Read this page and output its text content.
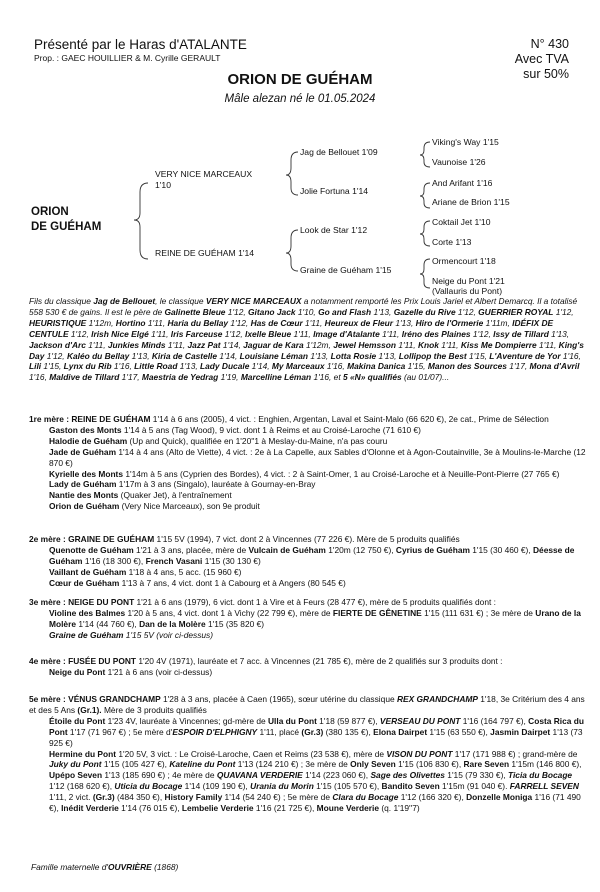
Présenté par le Haras d'ATALANTE
Prop. : GAEC HOUILLIER & M. Cyrille GERAULT
N° 430
Avec TVA
sur 50%
ORION DE GUÉHAM
Mâle alezan né le 01.05.2024
ORION
DE GUÉHAM
VERY NICE MARCEAUX
1'10
REINE DE GUÉHAM 1'14
Jag de Bellouet 1'09
Jolie Fortuna 1'14
Look de Star 1'12
Graine de Guéham 1'15
Viking's Way 1'15
Vaunoise 1'26
And Arifant 1'16
Ariane de Brion 1'15
Coktail Jet 1'10
Corte 1'13
Ormencourt 1'18
Neige du Pont 1'21
(Vallauris du Pont)
Fils du classique Jag de Bellouet, le classique VERY NICE MARCEAUX a notamment remporté les Prix Louis Jariel et Albert Demarcq. Il a totalisé 558 530 € de gains. Il est le père de Galinette Bleue 1'12, Gitano Jack 1'10, Go and Flash 1'13, Gazelle du Rive 1'12, GUERRIER ROYAL 1'12, HEURISTIQUE 1'12m, Hortino 1'11, Haria du Bellay 1'12, Has de Cœur 1'11, Heureux de Fleur 1'13, Hiro de l'Ormerie 1'11m, IDÉFIX DE CENTULE 1'12, Irish Nice Elgé 1'11, Iris Farceuse 1'12, Ixelle Bleue 1'11, Image d'Atalante 1'11, Iréno des Plaines 1'12, Issy de Tillard 1'13, Jackson d'Arc 1'11, Junkies Minds 1'11, Jazz Pat 1'14, Jaguar de Kara 1'12m, Jewel Hemsson 1'11, Knok 1'11, Kiss Me Dompierre 1'11, King's Day 1'12, Kaléo du Bellay 1'13, Kiria de Castelle 1'14, Louisiane Léman 1'13, Lotta Rosie 1'13, Lollipop the Best 1'15, L'Aventure de Yor 1'16, Lili 1'15, Lynx du Rib 1'16, Little Road 1'13, Lady Ducale 1'14, My Marceaux 1'16, Makina Danica 1'15, Manon des Sources 1'17, Mona d'Avril 1'16, Maldive de Tillard 1'17, Maestria de Yedrag 1'19, Marcelline Léman 1'16, et 5 «N» qualifiés (au 01/07)...

1re mère : REINE DE GUÉHAM 1'14 à 6 ans (2005), 4 vict. : Enghien, Argentan, Laval et Saint-Malo (66 620 €), 2e cat., Prime de Sélection

Gaston des Monts 1'14 à 5 ans (Tag Wood), 9 vict. dont 1 à Reims et au Croisé-Laroche (71 610 €)

Halodie de Guéham (Up and Quick), qualifiée en 1'20''1 à Meslay-du-Maine, n'a pas couru

Jade de Guéham 1'14 à 4 ans (Alto de Viette), 4 vict. : 2e à La Capelle, aux Sables d'Olonne et à Agon-Coutainville, 3e à Moulins-le-Marche (12 870 €)

Kyrielle des Monts 1'14m à 5 ans (Cyprien des Bordes), 4 vict. : 2 à Saint-Omer, 1 au Croisé-Laroche et à Neuille-Pont-Pierre (27 765 €)

Lady de Guéham 1'17m à 3 ans (Singalo), lauréate à Gournay-en-Bray

Nantie des Monts (Quaker Jet), à l'entraînement

Orion de Guéham (Very Nice Marceaux), son 9e produit

2e mère : GRAINE DE GUÉHAM 1'15 5V (1994), 7 vict. dont 2 à Vincennes (77 226 €). Mère de 5 produits qualifiés

Quenotte de Guéham 1'21 à 3 ans, placée, mère de Vulcain de Guéham 1'20m (12 750 €), Cyrius de Guéham 1'15 (30 460 €), Déesse de Guéham 1'16 (18 300 €), French Vasani 1'15 (30 130 €)

Vaillant de Guéham 1'18 à 4 ans, 5 acc. (15 960 €)

Cœur de Guéham 1'13 à 7 ans, 4 vict. dont 1 à Cabourg et à Angers (80 545 €)

3e mère : NEIGE DU PONT 1'21 à 6 ans (1979), 6 vict. dont 1 à Vire et à Feurs (28 477 €), mère de 5 produits qualifiés dont :

Violine des Balmes 1'20 à 5 ans, 4 vict. dont 1 à Vichy (22 799 €), mère de FIERTE DE GÊNETINE 1'15 (111 631 €) ; 3e mère de Urano de la Molère 1'14 (44 760 €), Dan de la Molère 1'15 (35 820 €)

Graine de Guéham 1'15 5V (voir ci-dessus)

4e mère : FUSÉE DU PONT 1'20 4V (1971), lauréate et 7 acc. à Vincennes (21 785 €), mère de 2 qualifiés sur 3 produits dont :

Neige du Pont 1'21 à 6 ans (voir ci-dessus)

5e mère : VÉNUS GRANDCHAMP 1'28 à 3 ans, placée à Caen (1965), sœur utérine du classique REX GRANDCHAMP 1'18, 3e Critérium des 4 ans et des 5 Ans (Gr.1). Mère de 3 produits qualifiés

Étoile du Pont 1'23 4V, lauréate à Vincennes; gd-mère de Ulla du Pont 1'18 (59 877 €), VERSEAU DU PONT 1'16 (164 797 €), Costa Rica du Pont 1'17 (71 967 €) ; 5e mère d'ESPOIR D'ELPHIGNY 1'11, placé (Gr.3) (380 135 €), Elona Dairpet 1'15 (63 550 €), Jasmin Dairpet 1'13 (73 925 €)

Hermine du Pont 1'20 5V, 3 vict. : Le Croisé-Laroche, Caen et Reims (23 538 €), mère de VISON DU PONT 1'17 (171 988 €) ; grand-mère de Juky du Pont 1'15 (105 427 €), Kateline du Pont 1'13 (124 210 €) ; 3e mère de Only Seven 1'15 (106 830 €), Rare Seven 1'15m (146 800 €), Upépo Seven 1'13 (185 690 €) ; 4e mère de QUAVANA VERDERIE 1'14 (223 060 €), Sage des Olivettes 1'15 (79 330 €), Ticia du Bocage 1'12 (168 620 €), Uticia du Bocage 1'14 (109 190 €), Urania du Morin 1'15 (105 570 €), Bandito Seven 1'15m (91 040 €). FARRELL SEVEN 1'11, 2 vict. (Gr.3) (484 350 €), History Family 1'14 (54 240 €) ; 5e mère de Clara du Bocage 1'12 (166 320 €), Donzelle Moniga 1'16 (71 490 €), Inédit Verderie 1'14 (76 015 €), Lembelie Verderie 1'16 (21 725 €), Moune Verderie (q. 1'19''7)

Famille maternelle d'OUVRIÈRE (1868)
